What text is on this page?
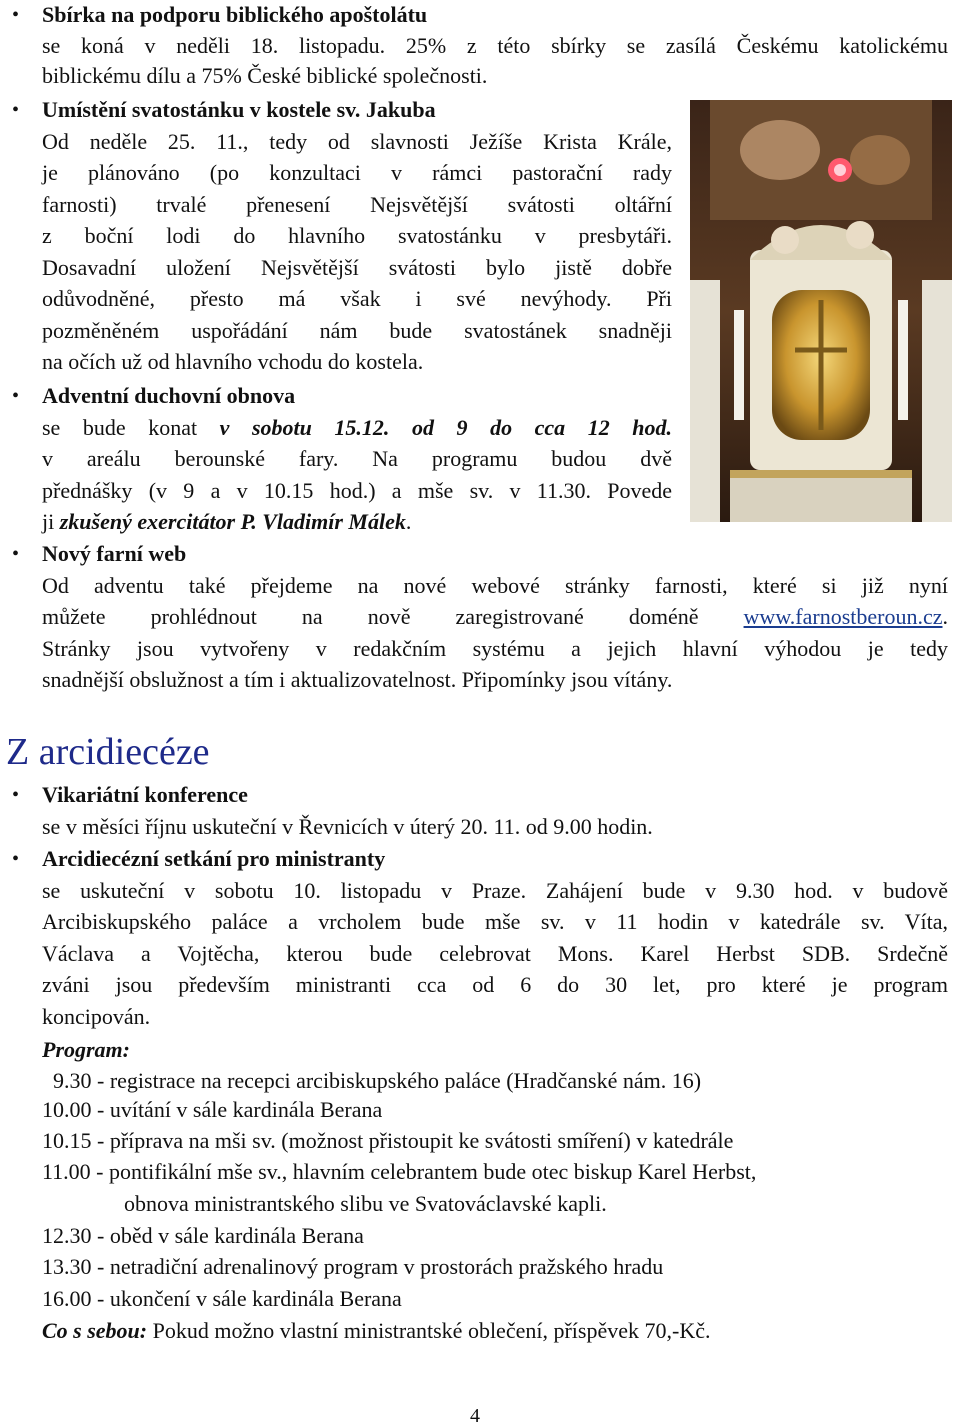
• Sbírka na podporu biblického apoštolátu
se koná v neděli 18. listopadu. 25% z této sbírky se zasílá Českému katolickému
biblickému dílu a 75% České biblické společnosti.
• Umístění svatostánku v kostele sv. Jakuba
Od neděle 25. 11., tedy od slavnosti Ježíše Krista Krále,
je plánováno (po konzultaci v rámci pastorační rady
farnosti) trvalé přenesení Nejsvětější svátosti oltářní
z boční lodi do hlavního svatostánku v presbytáři.
Dosavadní uložení Nejsvětější svátosti bylo jistě dobře
odůvodněné, přesto má však i své nevýhody. Při
pozměněném uspořádání nám bude svatostánek snadněji
na očích už od hlavního vchodu do kostela.
• Adventní duchovní obnova
se bude konat v sobotu 15.12. od 9 do cca 12 hod.
v areálu berounské fary. Na programu budou dvě
přednášky (v 9 a v 10.15 hod.) a mše sv. v 11.30. Povede
ji zkušený exercitátor P. Vladimír Málek.
• Nový farní web
Od adventu také přejdeme na nové webové stránky farnosti, které si již nyní
můžete prohlédnout na nově zaregistrované doméně www.farnostberoun.cz.
Stránky jsou vytvořeny v redakčním systému a jejich hlavní výhodou je tedy
snadnější obslužnost a tím i aktualizovatelnost. Připomínky jsou vítány.
Z arcidiecéze
• Vikariátní konference
se v měsíci říjnu uskuteční v Řevnicích v úterý 20. 11. od 9.00 hodin.
• Arcidiecézní setkání pro ministranty
se uskuteční v sobotu 10. listopadu v Praze. Zahájení bude v 9.30 hod. v budově
Arcibiskupského paláce a vrcholem bude mše sv. v 11 hodin v katedrále sv. Víta,
Václava a Vojtěcha, kterou bude celebrovat Mons. Karel Herbst SDB. Srdečně
zváni jsou především ministranti cca od 6 do 30 let, pro které je program
koncipován.
Program:
9.30 - registrace na recepci arcibiskupského paláce (Hradčanské nám. 16)
10.00 - uvítání v sále kardinála Berana
10.15 - příprava na mši sv. (možnost přistoupit ke svátosti smíření) v katedrále
11.00 - pontifikální mše sv., hlavním celebrantem bude otec biskup Karel Herbst,
obnova ministrantského slibu ve Svatováclavské kapli.
12.30 - oběd v sále kardinála Berana
13.30 - netradiční adrenalinový program v prostorách pražského hradu
16.00 - ukončení v sále kardinála Berana
Co s sebou: Pokud možno vlastní ministrantské oblečení, příspěvek 70,-Kč.
4
